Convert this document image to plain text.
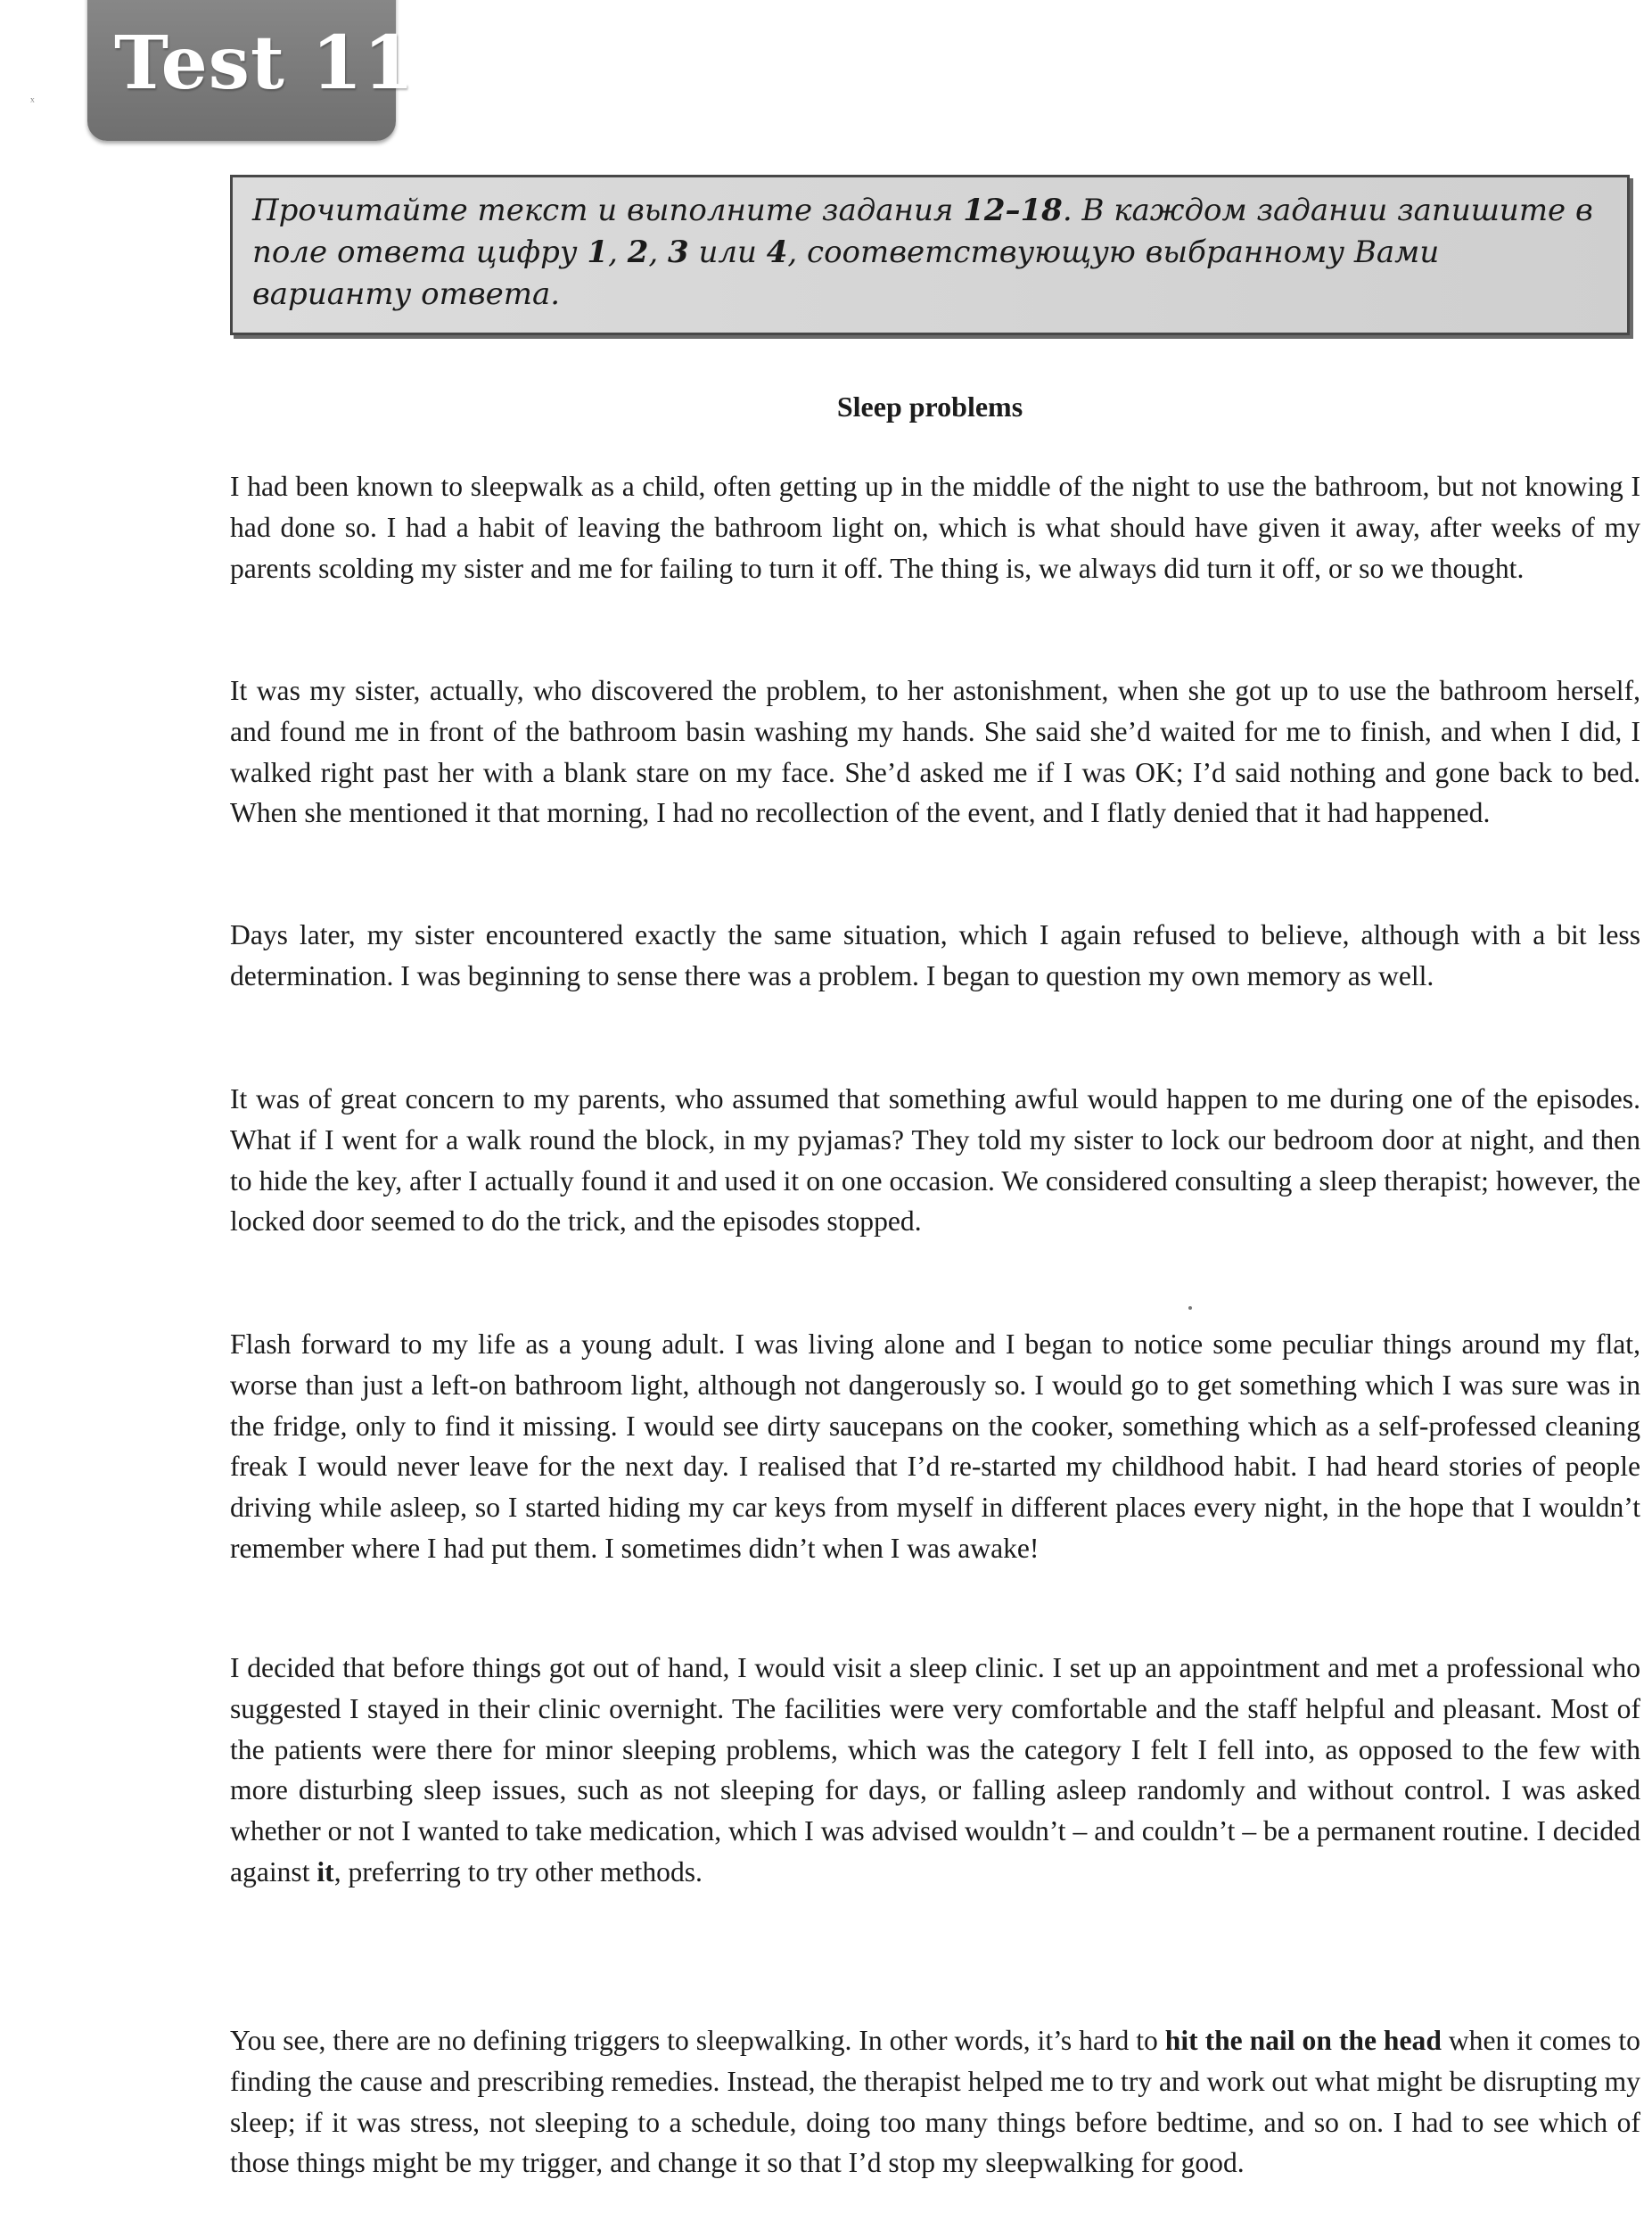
Test 11
ˣ

Прочитайте текст и выполните задания 12–18. В каждом задании запишите в поле ответа цифру 1, 2, 3 или 4, соответствующую выбранному Вами варианту ответа.

Sleep problems

I had been known to sleepwalk as a child, often getting up in the middle of the night to use the bathroom, but not knowing I had done so. I had a habit of leaving the bathroom light on, which is what should have given it away, after weeks of my parents scolding my sister and me for failing to turn it off. The thing is, we always did turn it off, or so we thought.

It was my sister, actually, who discovered the problem, to her astonishment, when she got up to use the bathroom herself, and found me in front of the bathroom basin washing my hands. She said she’d waited for me to finish, and when I did, I walked right past her with a blank stare on my face. She’d asked me if I was OK; I’d said nothing and gone back to bed. When she mentioned it that morning, I had no recollection of the event, and I flatly denied that it had happened.

Days later, my sister encountered exactly the same situation, which I again refused to believe, although with a bit less determination. I was beginning to sense there was a problem. I began to question my own memory as well.

It was of great concern to my parents, who assumed that something awful would happen to me during one of the episodes. What if I went for a walk round the block, in my pyjamas? They told my sister to lock our bedroom door at night, and then to hide the key, after I actually found it and used it on one occasion. We considered consulting a sleep therapist; however, the locked door seemed to do the trick, and the episodes stopped.

Flash forward to my life as a young adult. I was living alone and I began to notice some peculiar things around my flat, worse than just a left-on bathroom light, although not dangerously so. I would go to get something which I was sure was in the fridge, only to find it missing. I would see dirty saucepans on the cooker, something which as a self-professed cleaning freak I would never leave for the next day. I realised that I’d re-started my childhood habit. I had heard stories of people driving while asleep, so I started hiding my car keys from myself in different places every night, in the hope that I wouldn’t remember where I had put them. I sometimes didn’t when I was awake!

I decided that before things got out of hand, I would visit a sleep clinic. I set up an appointment and met a professional who suggested I stayed in their clinic overnight. The facilities were very comfortable and the staff helpful and pleasant. Most of the patients were there for minor sleeping problems, which was the category I felt I fell into, as opposed to the few with more disturbing sleep issues, such as not sleeping for days, or falling asleep randomly and without control. I was asked whether or not I wanted to take medication, which I was advised wouldn’t – and couldn’t – be a permanent routine. I decided against it, preferring to try other methods.

You see, there are no defining triggers to sleepwalking. In other words, it’s hard to hit the nail on the head when it comes to finding the cause and prescribing remedies. Instead, the therapist helped me to try and work out what might be disrupting my sleep; if it was stress, not sleeping to a schedule, doing too many things before bedtime, and so on. I had to see which of those things might be my trigger, and change it so that I’d stop my sleepwalking for good.
